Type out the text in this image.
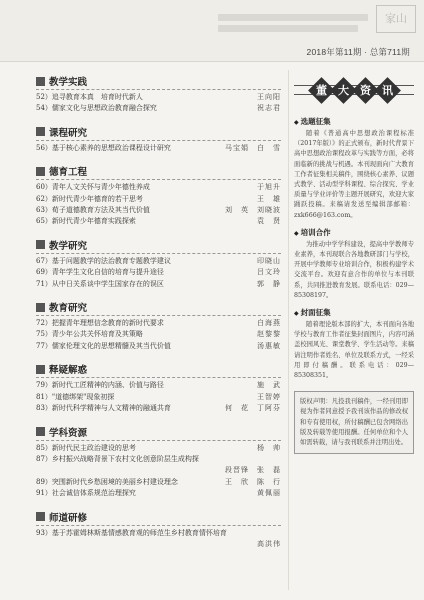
家山
2018年第11期 · 总第711期
教学实践
52）追寻教育本真　培育时代新人	王向阳
54）儒家文化与思想政治教育融合探究	祝志君
课程研究
56）基于核心素养的思想政治课程设计研究	马宝娟　白　雪
德育工程
60）青年人文关怀与青少年德性养成	于旭升
62）新时代青少年德育的若干思考	王　雄
63）荀子道德教育方法及其当代价值	刘　英　刘晓波
65）新时代青少年德育实践探索	袁　贤
教学研究
67）基于问题教学的法治教育专题教学建议	印晓山
69）青年学生文化自信的培育与提升途径	吕文玲
71）从中日关系谈中学生国家存在的误区	郭　静
教育研究
72）把握青年理想信念教育的新时代要求	白海燕
75）青少年公共关怀培育及其策略	赵黎黎
77）儒家伦理文化的思想精髓及其当代价值	汤惠敏
释疑解惑
79）新时代工匠精神的内涵、价值与路径	施　武
81）"道德绑架"现象初探	王智婷
83）新时代科学精神与人文精神的融通共育	何　花　丁阿芬
学科资源
85）新时代民主政治建设的思考	杨　帅
87）乡村振兴战略背景下农村文化创意阶层生成构探
段晋锋　张　磊
89）突围新时代乡愁困境的美丽乡村建设理念	王　欣　陈　行
91）社会诚信体系规范治理探究	黄佩丽
师道研修
93）基于苏霍姆林斯基情感教育观的师范生乡村教育情怀培育
高洪伟
董	大	资	讯
◆ 选题征集

随着《普通高中思想政治课程标准（2017年版）》的正式颁布，新时代背景下高中思想政治课程改革与实践等方面，必将面临新的挑战与机遇。本刊现面向广大教育工作者征集相关稿件，围绕核心素养、议题式教学、活动型学科课程、综合探究、学业质量与学业评价等主题开展研究，欢迎大家踊跃投稿。来稿请发送至编辑部邮箱：zxk666@163.com。

◆ 培训合作

为推动中学学科建设，提高中学教师专业素养，本刊现联合各地教研部门与学校，开展中学教师专业培训合作，积极构建学术交流平台。欢迎有意合作的单位与本刊联系，共同推进教育发展。联系电话：029—85308197。

◆ 封面征集

随着理论版本部的扩大，本刊面向各地学校与教育工作者征集封面图片，内容可涵盖校园风光、课堂教学、学生活动等。来稿请注明作者姓名、单位及联系方式，一经采用即付稿酬。联系电话：029—85308351。

版权声明：凡投我刊稿件，一经刊用即视为作者同意授予我刊该作品的修改权和专有使用权，所付稿酬已包含网络出版及转载等使用报酬。任何单位和个人如需转载，请与我刊联系并注明出处。
